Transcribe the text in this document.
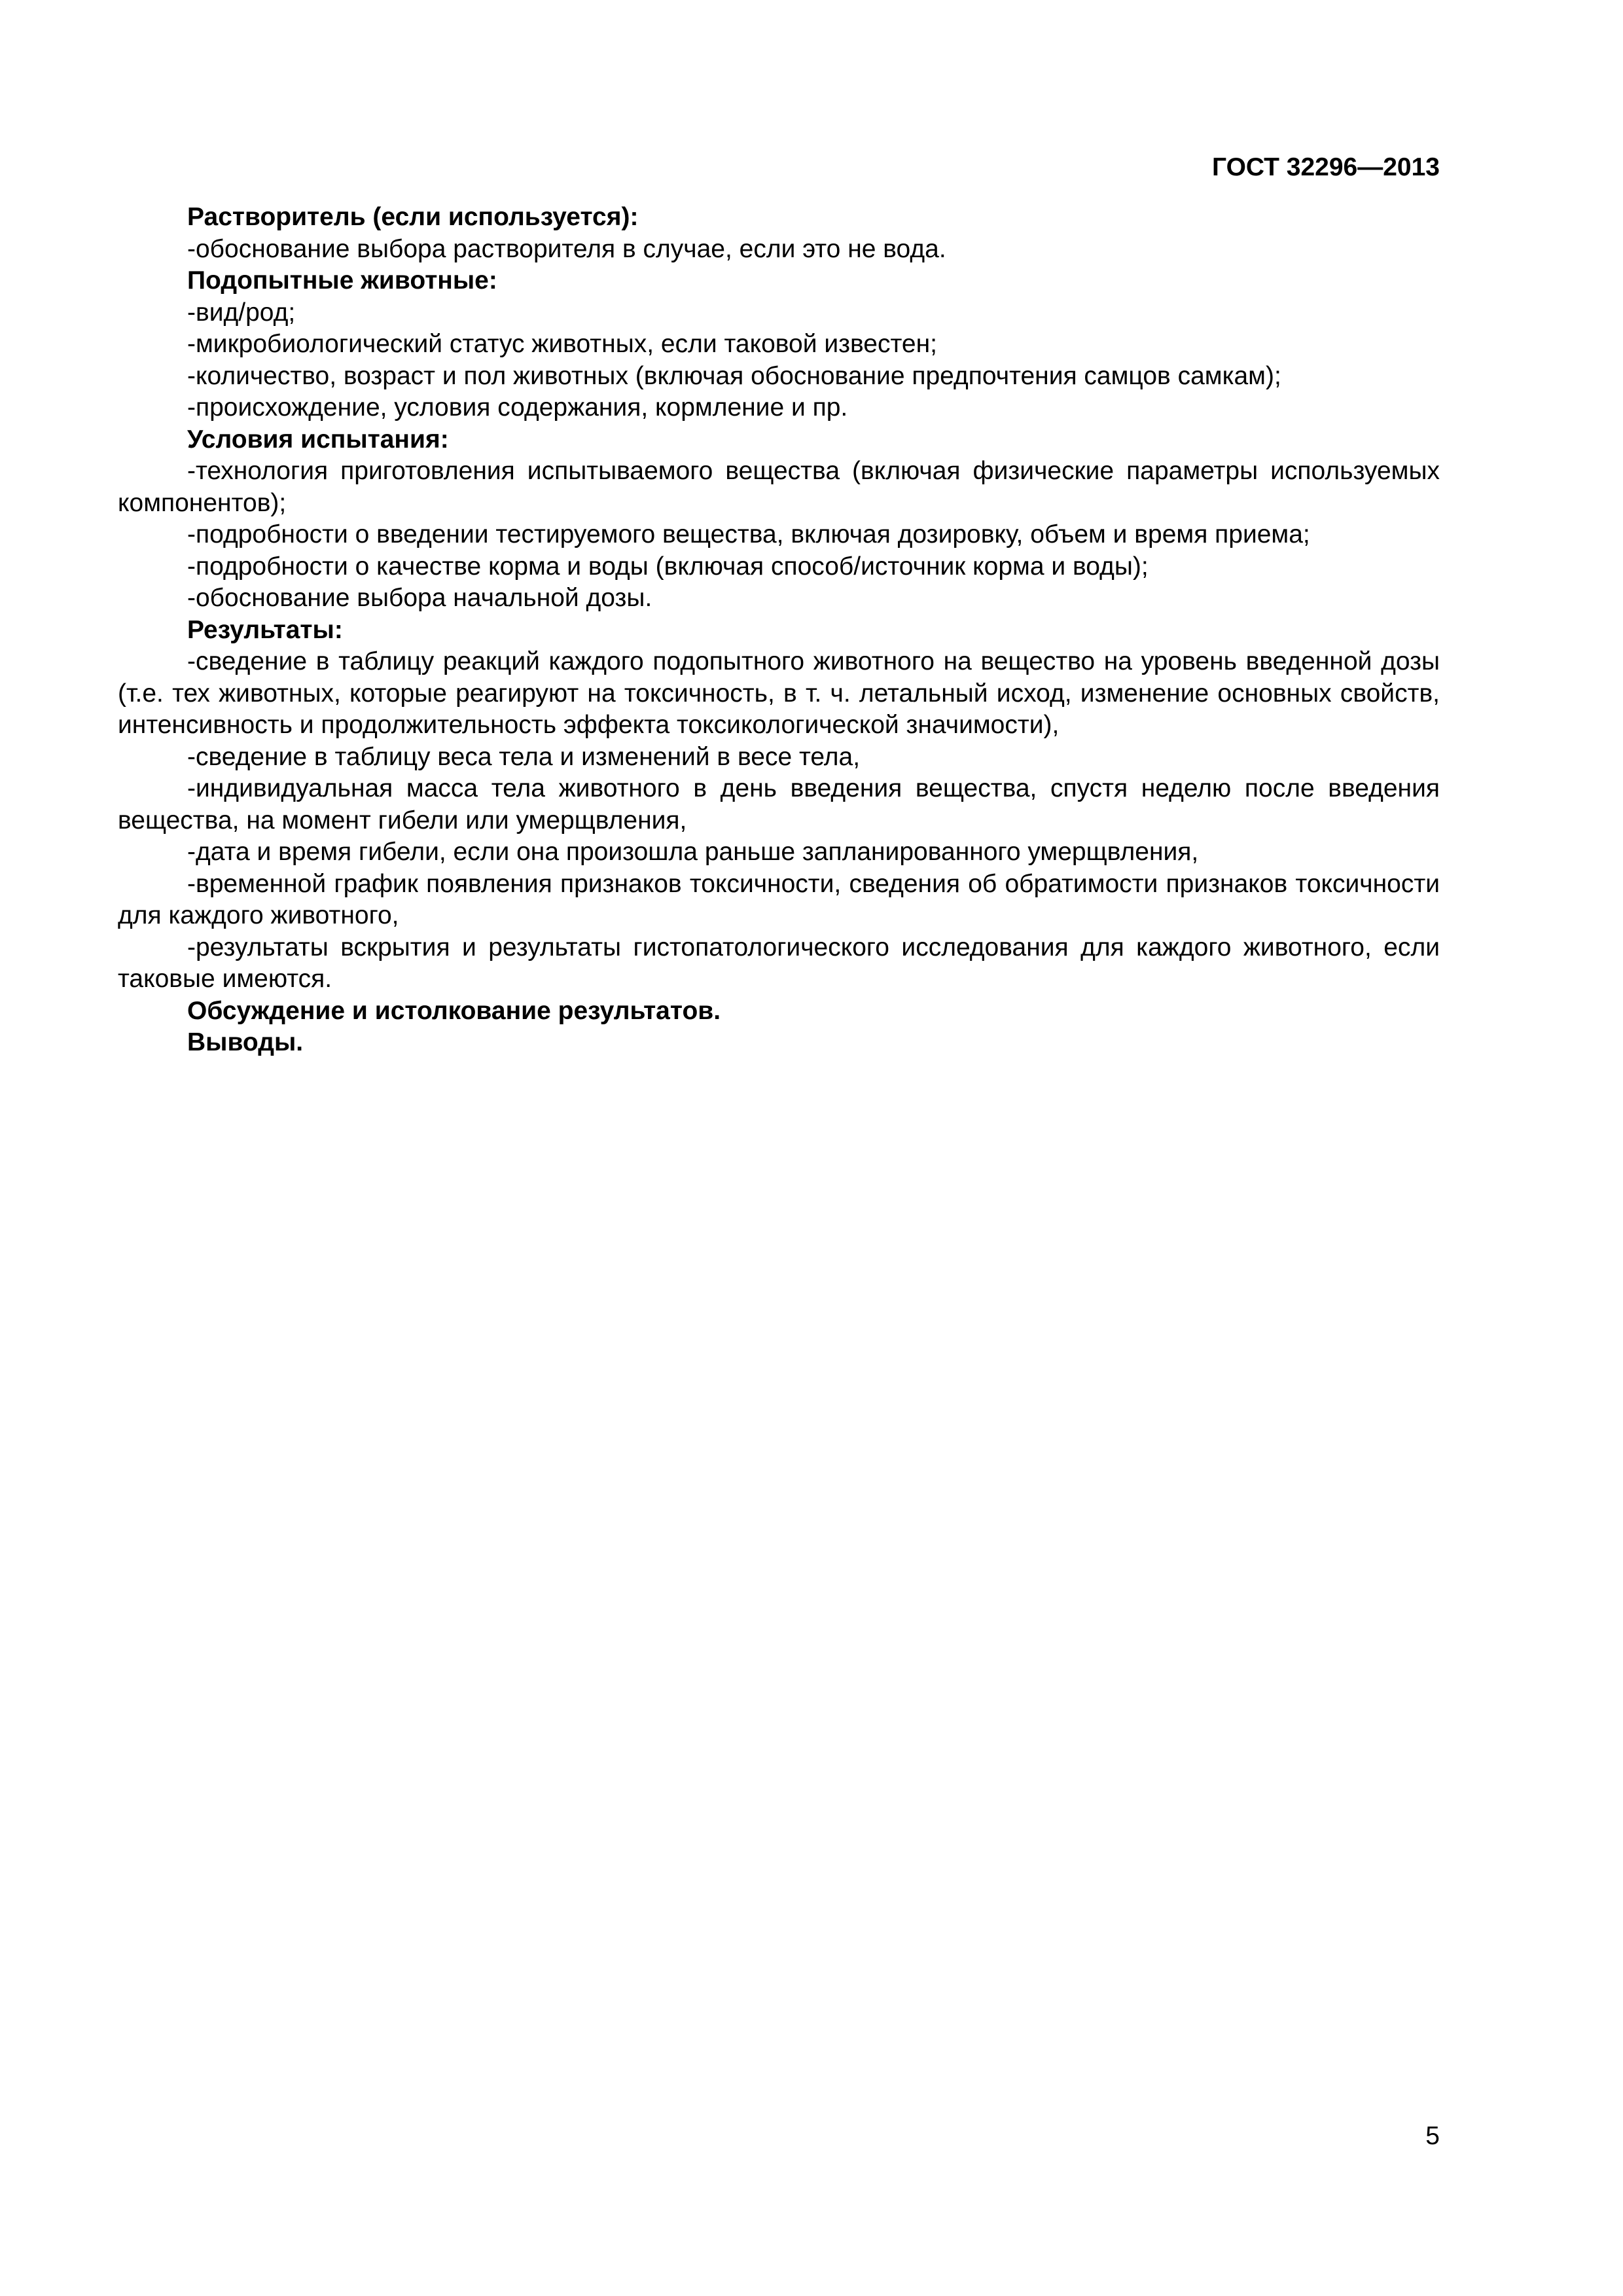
ГОСТ 32296—2013

Растворитель (если используется):

-обоснование выбора растворителя в случае, если это не вода.

Подопытные животные:

-вид/род;

-микробиологический статус животных, если таковой известен;

-количество, возраст и пол животных (включая обоснование предпочтения самцов самкам);

-происхождение, условия содержания, кормление и пр.

Условия испытания:

-технология приготовления испытываемого вещества (включая физические параметры используемых компонентов);

-подробности о введении тестируемого вещества, включая дозировку, объем и время приема;

-подробности о качестве корма и воды (включая способ/источник корма и воды);

-обоснование выбора начальной дозы.

Результаты:

-сведение в таблицу реакций каждого подопытного животного на вещество на уровень введенной дозы (т.е. тех животных, которые реагируют на токсичность, в т. ч. летальный исход, изменение основных свойств, интенсивность и продолжительность эффекта токсикологической значимости),

-сведение в таблицу веса тела и изменений в весе тела,

-индивидуальная масса тела животного в день введения вещества, спустя неделю после введения вещества, на момент гибели или умерщвления,

-дата и время гибели, если она произошла раньше запланированного умерщвления,

-временной график появления признаков токсичности, сведения об обратимости признаков токсичности для каждого животного,

-результаты вскрытия и результаты гистопатологического исследования для каждого животного, если таковые имеются.

Обсуждение и истолкование результатов.

Выводы.

5
